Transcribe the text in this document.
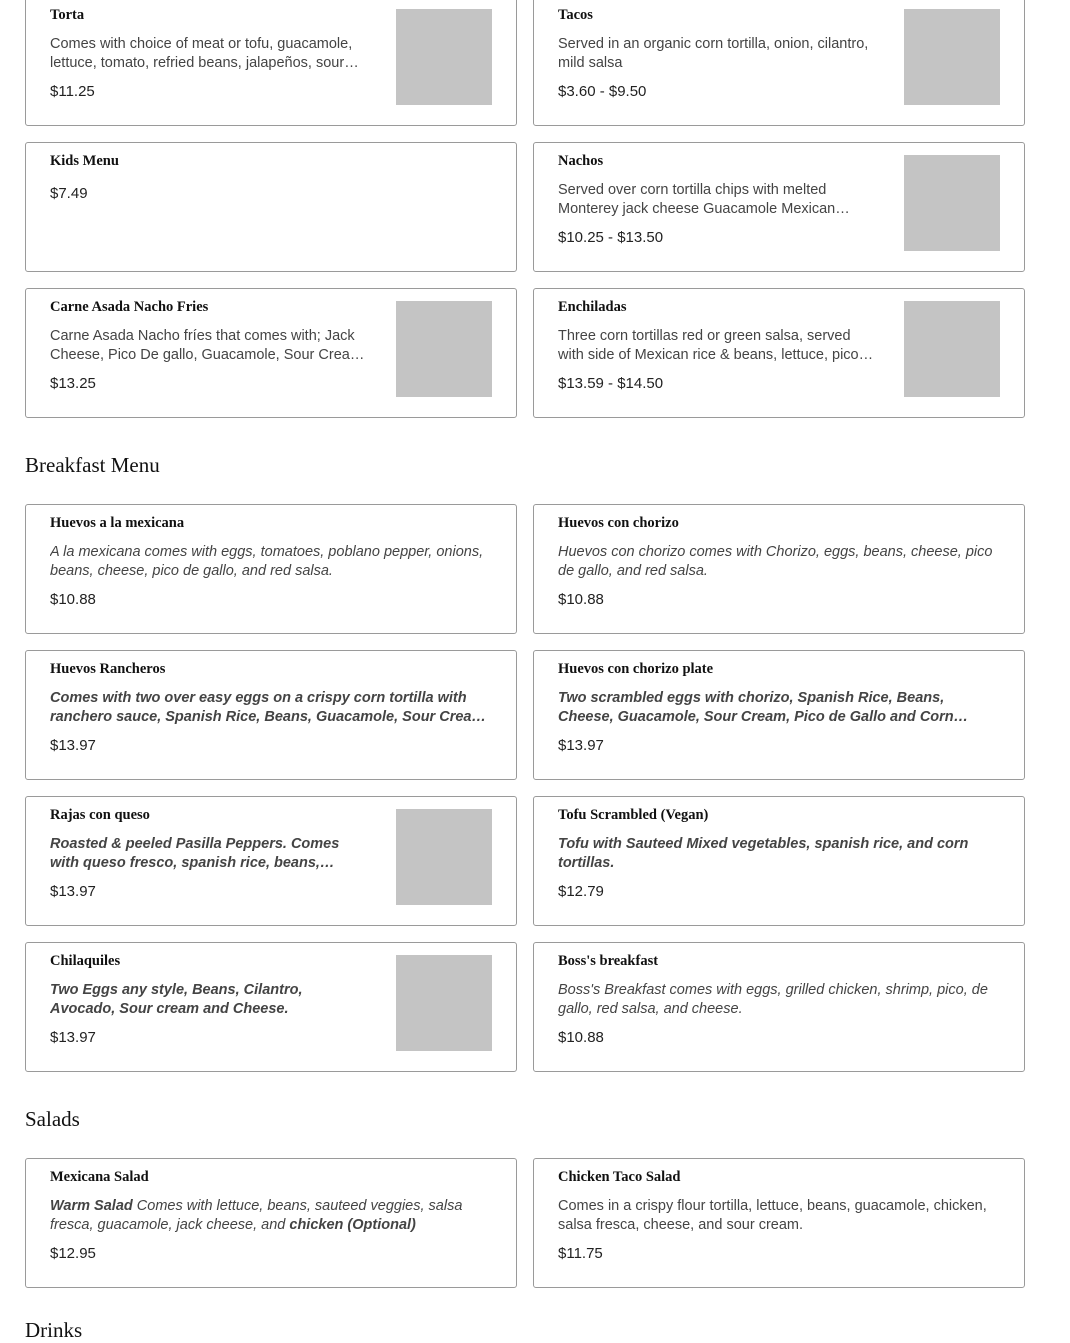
Torta
Comes with choice of meat or tofu, guacamole, lettuce, tomato, refried beans, jalapeños, sour
$11.25
Tacos
Served in an organic corn tortilla, onion, cilantro, mild salsa
$3.60 - $9.50
Kids Menu
$7.49
Nachos
Served over corn tortilla chips with melted Monterey jack cheese Guacamole Mexican
$10.25 - $13.50
Carne Asada Nacho Fries
Carne Asada Nacho fríes that comes with; Jack Cheese, Pico De gallo, Guacamole, Sour Cream,
$13.25
Enchiladas
Three corn tortillas red or green salsa, served with side of Mexican rice & beans, lettuce, pico
$13.59 - $14.50
Breakfast Menu
Huevos a la mexicana
A la mexicana comes with eggs, tomatoes, poblano pepper, onions, beans, cheese, pico de gallo, and red salsa.
$10.88
Huevos con chorizo
Huevos con chorizo comes with Chorizo, eggs, beans, cheese, pico de gallo, and red salsa.
$10.88
Huevos Rancheros
Comes with two over easy eggs on a crispy corn tortilla with ranchero sauce, Spanish Rice, Beans, Guacamole, Sour Cream,
$13.97
Huevos con chorizo plate
Two scrambled eggs with chorizo, Spanish Rice, Beans, Cheese, Guacamole, Sour Cream, Pico de Gallo and Corn
$13.97
Rajas con queso
Roasted & peeled Pasilla Peppers. Comes with queso fresco, spanish rice, beans,
$13.97
Tofu Scrambled (Vegan)
Tofu with Sauteed Mixed vegetables, spanish rice, and corn tortillas.
$12.79
Chilaquiles
Two Eggs any style, Beans, Cilantro, Avocado, Sour cream and Cheese.
$13.97
Boss's breakfast
Boss's Breakfast comes with eggs, grilled chicken, shrimp, pico, de gallo, red salsa, and cheese.
$10.88
Salads
Mexicana Salad
Warm Salad Comes with lettuce, beans, sauteed veggies, salsa fresca, guacamole, jack cheese, and chicken (Optional)
$12.95
Chicken Taco Salad
Comes in a crispy flour tortilla, lettuce, beans, guacamole, chicken, salsa fresca, cheese, and sour cream.
$11.75
Drinks
